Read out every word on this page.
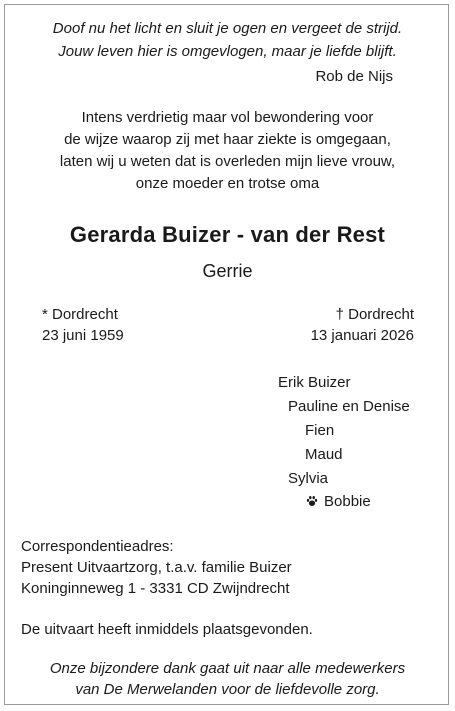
Doof nu het licht en sluit je ogen en vergeet de strijd.
Jouw leven hier is omgevlogen, maar je liefde blijft.
Rob de Nijs
Intens verdrietig maar vol bewondering voor
de wijze waarop zij met haar ziekte is omgegaan,
laten wij u weten dat is overleden mijn lieve vrouw,
onze moeder en trotse oma
Gerarda Buizer - van der Rest
Gerrie
* Dordrecht
23 juni 1959
† Dordrecht
13 januari 2026
Erik Buizer
Pauline en Denise
Fien
Maud
Sylvia
Bobbie
Correspondentieadres:
Present Uitvaartzorg, t.a.v. familie Buizer
Koninginneweg 1 - 3331 CD Zwijndrecht
De uitvaart heeft inmiddels plaatsgevonden.
Onze bijzondere dank gaat uit naar alle medewerkers
van De Merwelanden voor de liefdevolle zorg.
